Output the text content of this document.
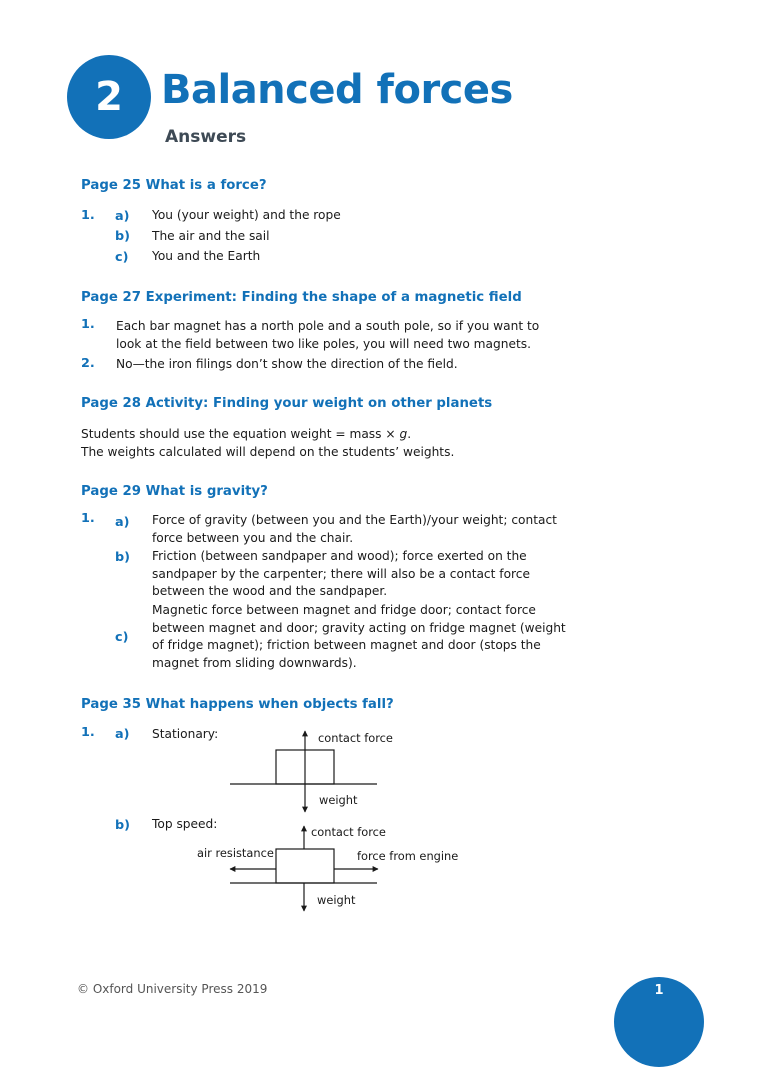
2 Balanced forces
Answers
Page 25 What is a force?
1. a) You (your weight) and the rope

b) The air and the sail

c) You and the Earth

Page 27 Experiment: Finding the shape of a magnetic field
1. Each bar magnet has a north pole and a south pole, so if you want to
look at the field between two like poles, you will need two magnets.

2. No—the iron filings don’t show the direction of the field.

Page 28 Activity: Finding your weight on other planets

Students should use the equation weight = mass × g.
The weights calculated will depend on the students’ weights.

Page 29 What is gravity?
1. a) Force of gravity (between you and the Earth)/your weight; contact
force between you and the chair.

b) Friction (between sandpaper and wood); force exerted on the
sandpaper by the carpenter; there will also be a contact force
between the wood and the sandpaper.

c)

Magnetic force between magnet and fridge door; contact force
between magnet and door; gravity acting on fridge magnet (weight
of fridge magnet); friction between magnet and door (stops the
magnet from sliding downwards).

Page 35 What happens when objects fall?
1. a) Stationary:	contact force
weight
b) Top speed:

contact force
air resistance	force from engine
weight
© Oxford University Press 2019	1
